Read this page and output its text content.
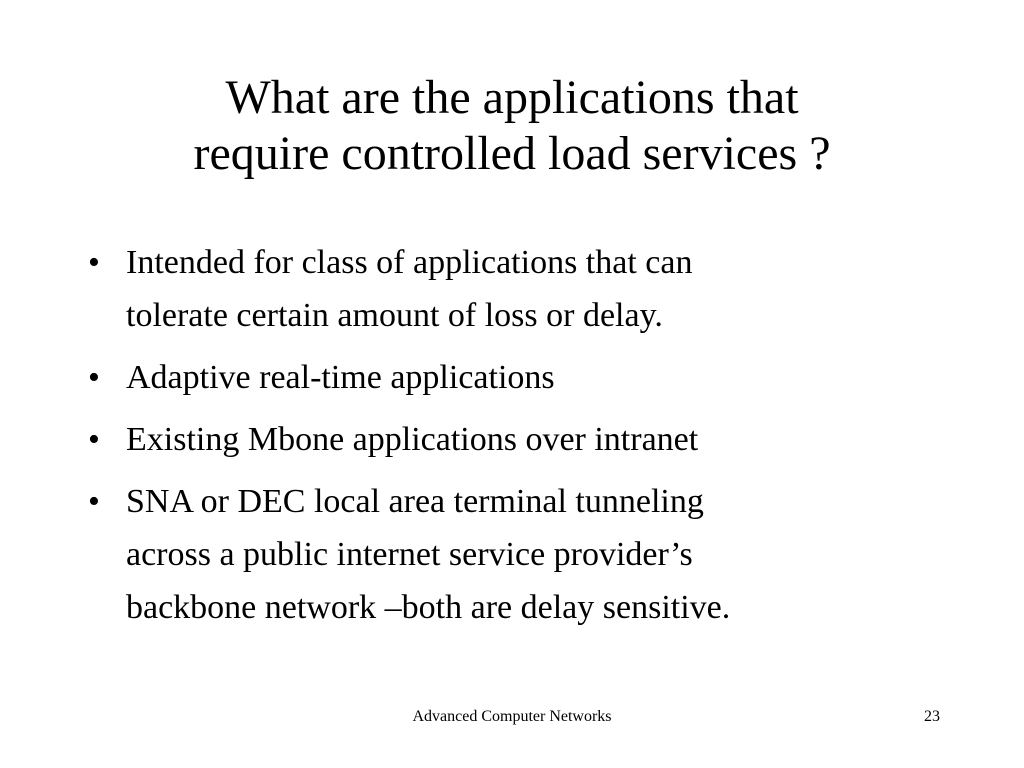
What are the applications that
require controlled load services ?
• Intended for class of applications that can
tolerate certain amount of loss or delay.
• Adaptive real-time applications
• Existing Mbone applications over intranet
• SNA or DEC local area terminal tunneling
across a public internet service provider’s
backbone network –both are delay sensitive.
Advanced Computer Networks	23
